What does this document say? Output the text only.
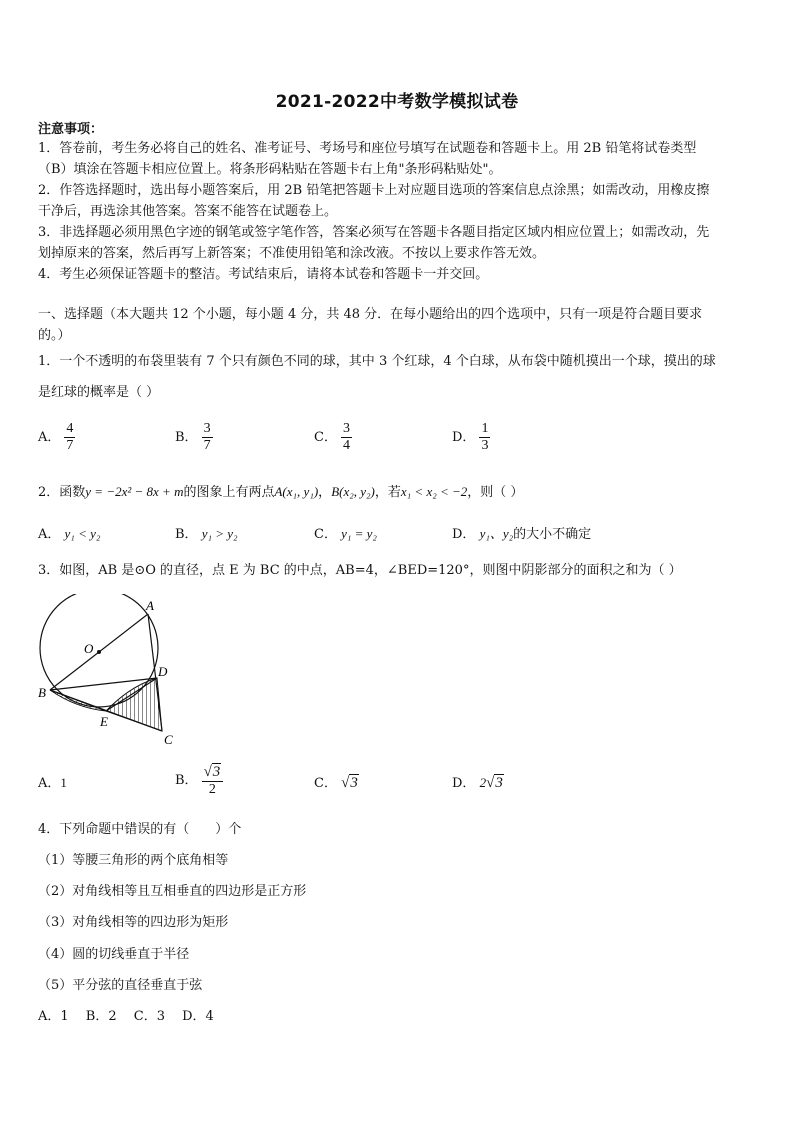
2021-2022中考数学模拟试卷
注意事项：
1．答卷前，考生务必将自己的姓名、准考证号、考场号和座位号填写在试题卷和答题卡上。用 2B 铅笔将试卷类型
（B）填涂在答题卡相应位置上。将条形码粘贴在答题卡右上角"条形码粘贴处"。
2．作答选择题时，选出每小题答案后，用 2B 铅笔把答题卡上对应题目选项的答案信息点涂黑；如需改动，用橡皮擦
干净后，再选涂其他答案。答案不能答在试题卷上。
3．非选择题必须用黑色字迹的钢笔或签字笔作答，答案必须写在答题卡各题目指定区域内相应位置上；如需改动，先
划掉原来的答案，然后再写上新答案；不准使用铅笔和涂改液。不按以上要求作答无效。
4．考生必须保证答题卡的整洁。考试结束后，请将本试卷和答题卡一并交回。
一、选择题（本大题共 12 个小题，每小题 4 分，共 48 分．在每小题给出的四个选项中，只有一项是符合题目要求
的。）
1．一个不透明的布袋里装有 7 个只有颜色不同的球，其中 3 个红球，4 个白球，从布袋中随机摸出一个球，摸出的球
是红球的概率是（ ）
A． $\frac{4}{7}$	B． $\frac{3}{7}$	C． $\frac{3}{4}$	D． $\frac{1}{3}$
2．函数y = −2x² − 8x + m的图象上有两点A(x₁, y₁)，B(x₂, y₂)，若x₁ < x₂ < −2，则（ ）
A． y₁ < y₂	B． y₁ > y₂	C． y₁ = y₂	D． y₁、y₂的大小不确定
3．如图，AB 是⊙O 的直径，点 E 为 BC 的中点，AB=4，∠BED=120°，则图中阴影部分的面积之和为（ ）
A
O
D
B
E
C
A．1	B． $\frac{√3}{2}$	C． √3	D． 2√3
4．下列命题中错误的有（　　）个
（1）等腰三角形的两个底角相等
（2）对角线相等且互相垂直的四边形是正方形
（3）对角线相等的四边形为矩形
（4）圆的切线垂直于半径
（5）平分弦的直径垂直于弦
A．1　 B．2　 C．3　 D．4
